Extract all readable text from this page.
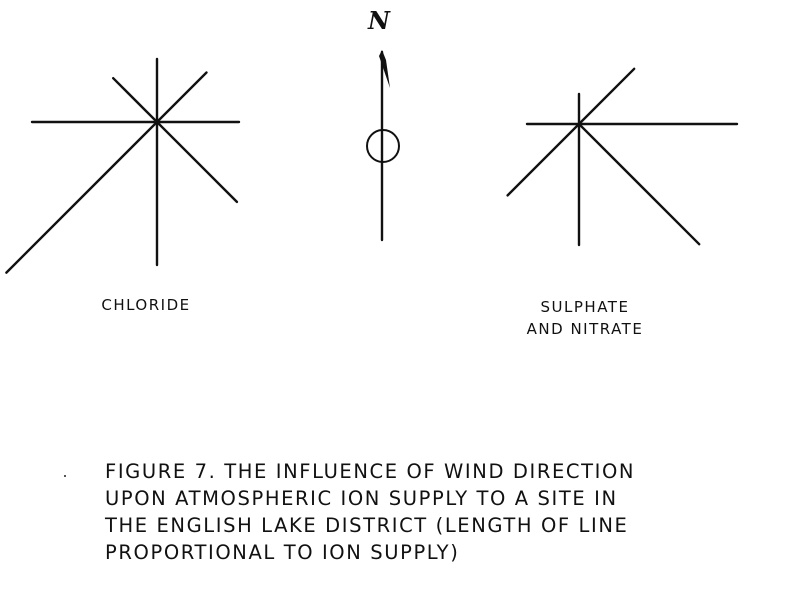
N
CHLORIDE	SULPHATE
AND NITRATE
FIGURE 7. THE INFLUENCE OF WIND DIRECTION
UPON ATMOSPHERIC ION SUPPLY TO A SITE IN
THE ENGLISH LAKE DISTRICT (LENGTH OF LINE
PROPORTIONAL TO ION SUPPLY)
